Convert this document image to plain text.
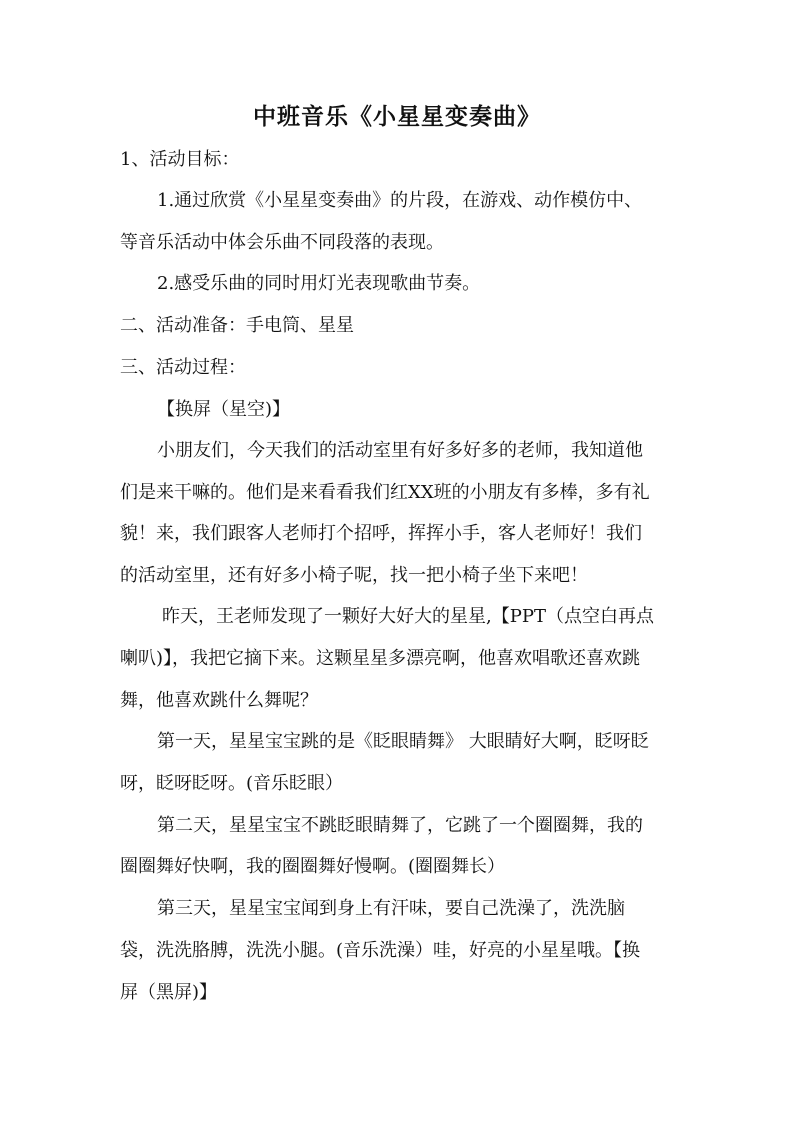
中班音乐《小星星变奏曲》
1、活动目标：
1.通过欣赏《小星星变奏曲》的片段，在游戏、动作模仿中、
等音乐活动中体会乐曲不同段落的表现。
2.感受乐曲的同时用灯光表现歌曲节奏。
二、活动准备：手电筒、星星
三、活动过程：
【换屏（星空)】
小朋友们，今天我们的活动室里有好多好多的老师，我知道他
们是来干嘛的。他们是来看看我们红XX班的小朋友有多棒，多有礼
貌！来，我们跟客人老师打个招呼，挥挥小手，客人老师好！我们
的活动室里，还有好多小椅子呢，找一把小椅子坐下来吧！
昨天，王老师发现了一颗好大好大的星星,【PPT（点空白再点
喇叭)】，我把它摘下来。这颗星星多漂亮啊，他喜欢唱歌还喜欢跳
舞，他喜欢跳什么舞呢？
第一天，星星宝宝跳的是《眨眼睛舞》 大眼睛好大啊，眨呀眨
呀，眨呀眨呀。(音乐眨眼）
第二天，星星宝宝不跳眨眼睛舞了，它跳了一个圈圈舞，我的
圈圈舞好快啊，我的圈圈舞好慢啊。(圈圈舞长）
第三天，星星宝宝闻到身上有汗味，要自己洗澡了，洗洗脑
袋，洗洗胳膊，洗洗小腿。(音乐洗澡）哇，好亮的小星星哦。【换
屏（黑屏)】
